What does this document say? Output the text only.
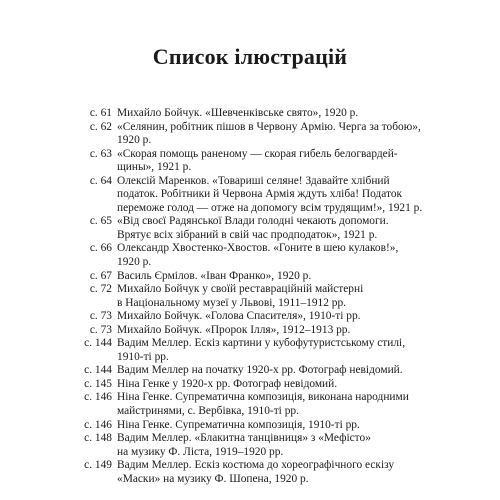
Список ілюстрацій
с. 61 Михайло Бойчук. «Шевченківське свято», 1920 р.
с. 62 «Селянин, робітник пішов в Червону Армію. Черга за тобою»,
1920 р.
с. 63 «Скорая помощь раненому — скорая гибель белогвардей-
щины», 1921 р.
с. 64 Олексій Маренков. «Товариші селяне! Здавайте хлібний
податок. Робітники й Червона Армія ждуть хліба! Податок
переможе голод — отже на допомогу всім трудящим!», 1921 р.
с. 65 «Від своєї Радянської Влади голодні чекають допомоги.
Врятує всіх зібраний в свій час продподаток», 1921 р.
с. 66 Олександр Хвостенко-Хвостов. «Гоните в шею кулаков!»,
1920 р.
с. 67 Василь Єрмілов. «Іван Франко», 1920 р.
с. 72 Михайло Бойчук у своїй реставраційній майстерні
в Національному музеї у Львові, 1911–1912 рр.
с. 73 Михайло Бойчук. «Голова Спасителя», 1910-ті рр.
с. 73 Михайло Бойчук. «Пророк Ілля», 1912–1913 рр.
с. 144 Вадим Меллер. Ескіз картини у кубофутуристському стилі,
1910-ті рр.
с. 144 Вадим Меллер на початку 1920-х рр. Фотограф невідомий.
с. 145 Ніна Генке у 1920-х рр. Фотограф невідомий.
с. 146 Ніна Генке. Супрематична композиція, виконана народними
майстринями, с. Вербівка, 1910-ті рр.
с. 146 Ніна Генке. Супрематична композиція, 1910-ті рр.
с. 148 Вадим Меллер. «Блакитна танцівниця» з «Мефісто»
на музику Ф. Ліста, 1919–1920 рр.
с. 149 Вадим Меллер. Ескіз костюма до хореографічного ескізу
«Маски» на музику Ф. Шопена, 1920 р.
